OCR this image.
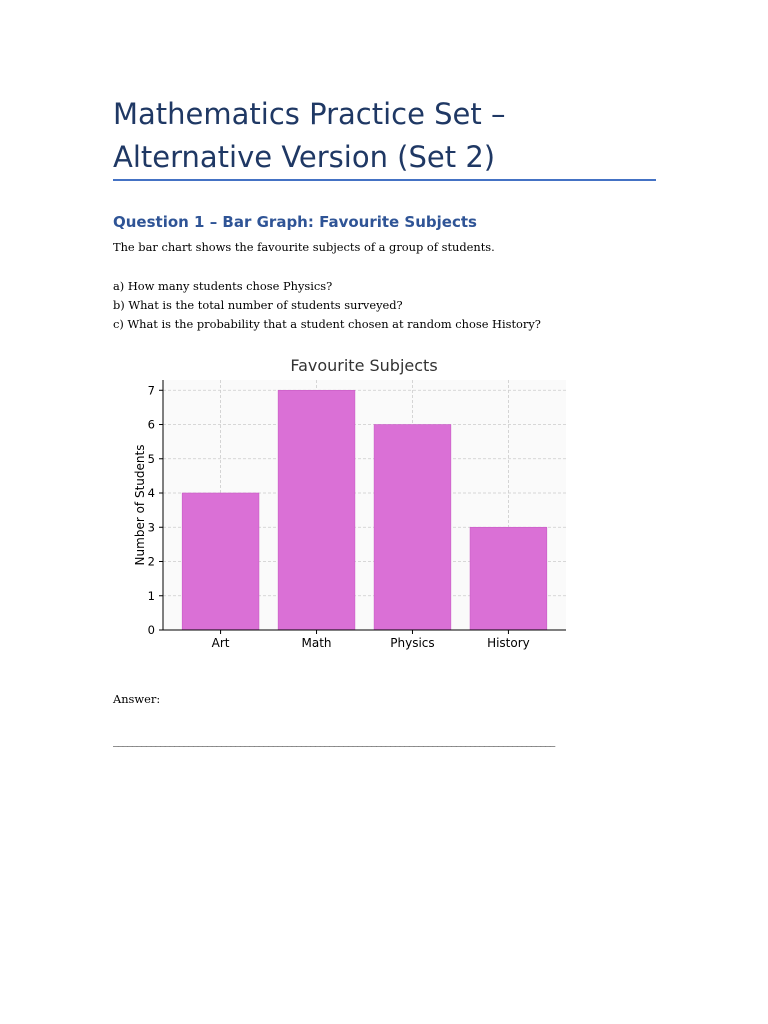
Mathematics Practice Set – Alternative Version (Set 2)
Question 1 – Bar Graph: Favourite Subjects

The bar chart shows the favourite subjects of a group of students.

a) How many students chose Physics?

b) What is the total number of students surveyed?

c) What is the probability that a student chosen at random chose History?

0
1
2
3
4
5
6
7
Art	Math	Physics	History
Favourite Subjects
Number of Students

Answer:

______________________________________________________________________________________________
